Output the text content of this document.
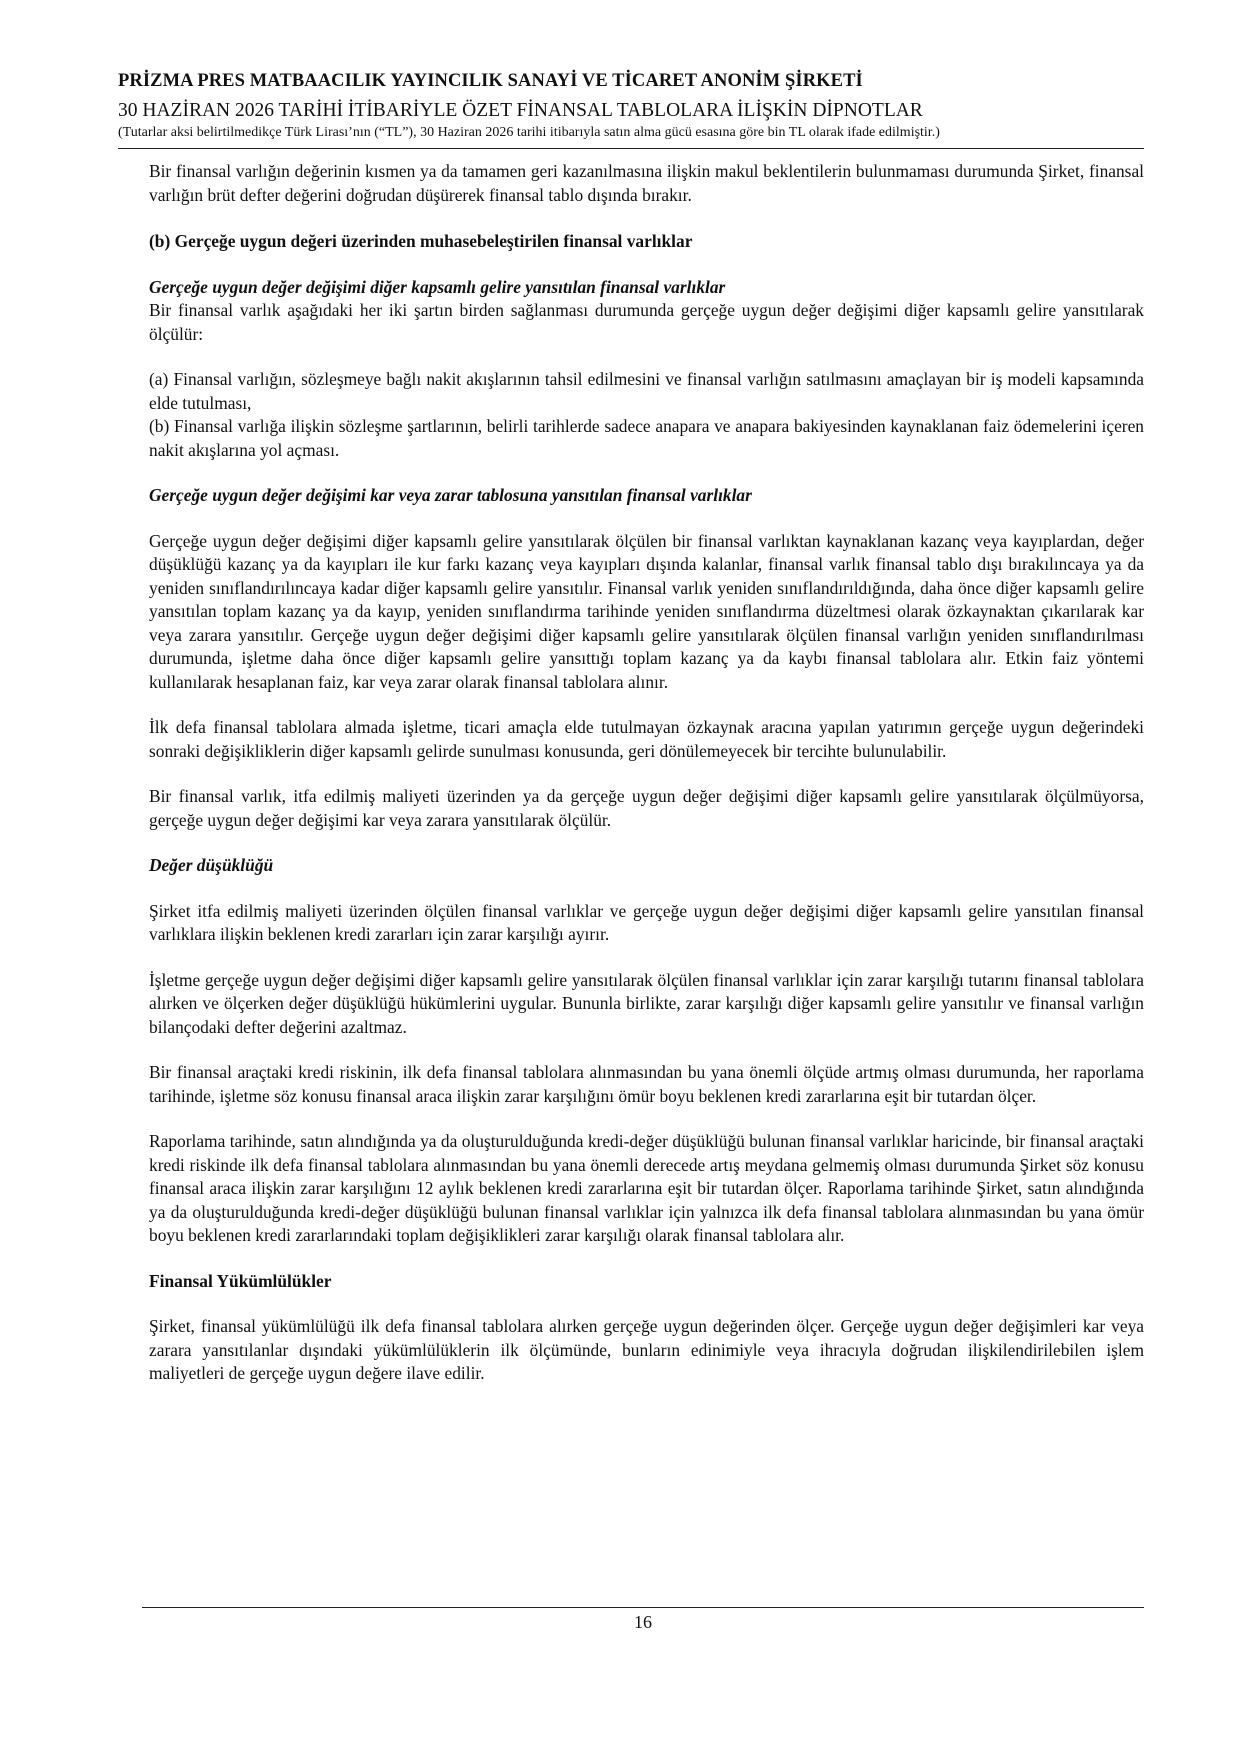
PRİZMA PRES MATBAACILIK YAYINCILIK SANAYİ VE TİCARET ANONİM ŞİRKETİ
30 HAZİRAN 2026 TARİHİ İTİBARİYLE ÖZET FİNANSAL TABLOLARA İLİŞKİN DİPNOTLAR
(Tutarlar aksi belirtilmedikçe Türk Lirası’nın (“TL”), 30 Haziran 2026 tarihi itibarıyla satın alma gücü esasına göre bin TL olarak ifade edilmiştir.)

Bir finansal varlığın değerinin kısmen ya da tamamen geri kazanılmasına ilişkin makul beklentilerin bulunmaması durumunda Şirket, finansal varlığın brüt defter değerini doğrudan düşürerek finansal tablo dışında bırakır.

(b) Gerçeğe uygun değeri üzerinden muhasebeleştirilen finansal varlıklar

Gerçeğe uygun değer değişimi diğer kapsamlı gelire yansıtılan finansal varlıklar

Bir finansal varlık aşağıdaki her iki şartın birden sağlanması durumunda gerçeğe uygun değer değişimi diğer kapsamlı gelire yansıtılarak ölçülür:

(a) Finansal varlığın, sözleşmeye bağlı nakit akışlarının tahsil edilmesini ve finansal varlığın satılmasını amaçlayan bir iş modeli kapsamında elde tutulması,

(b) Finansal varlığa ilişkin sözleşme şartlarının, belirli tarihlerde sadece anapara ve anapara bakiyesinden kaynaklanan faiz ödemelerini içeren nakit akışlarına yol açması.

Gerçeğe uygun değer değişimi kar veya zarar tablosuna yansıtılan finansal varlıklar

Gerçeğe uygun değer değişimi diğer kapsamlı gelire yansıtılarak ölçülen bir finansal varlıktan kaynaklanan kazanç veya kayıplardan, değer düşüklüğü kazanç ya da kayıpları ile kur farkı kazanç veya kayıpları dışında kalanlar, finansal varlık finansal tablo dışı bırakılıncaya ya da yeniden sınıflandırılıncaya kadar diğer kapsamlı gelire yansıtılır. Finansal varlık yeniden sınıflandırıldığında, daha önce diğer kapsamlı gelire yansıtılan toplam kazanç ya da kayıp, yeniden sınıflandırma tarihinde yeniden sınıflandırma düzeltmesi olarak özkaynaktan çıkarılarak kar veya zarara yansıtılır. Gerçeğe uygun değer değişimi diğer kapsamlı gelire yansıtılarak ölçülen finansal varlığın yeniden sınıflandırılması durumunda, işletme daha önce diğer kapsamlı gelire yansıttığı toplam kazanç ya da kaybı finansal tablolara alır. Etkin faiz yöntemi kullanılarak hesaplanan faiz, kar veya zarar olarak finansal tablolara alınır.

İlk defa finansal tablolara almada işletme, ticari amaçla elde tutulmayan özkaynak aracına yapılan yatırımın gerçeğe uygun değerindeki sonraki değişikliklerin diğer kapsamlı gelirde sunulması konusunda, geri dönülemeyecek bir tercihte bulunulabilir.

Bir finansal varlık, itfa edilmiş maliyeti üzerinden ya da gerçeğe uygun değer değişimi diğer kapsamlı gelire yansıtılarak ölçülmüyorsa, gerçeğe uygun değer değişimi kar veya zarara yansıtılarak ölçülür.

Değer düşüklüğü

Şirket itfa edilmiş maliyeti üzerinden ölçülen finansal varlıklar ve gerçeğe uygun değer değişimi diğer kapsamlı gelire yansıtılan finansal varlıklara ilişkin beklenen kredi zararları için zarar karşılığı ayırır.

İşletme gerçeğe uygun değer değişimi diğer kapsamlı gelire yansıtılarak ölçülen finansal varlıklar için zarar karşılığı tutarını finansal tablolara alırken ve ölçerken değer düşüklüğü hükümlerini uygular. Bununla birlikte, zarar karşılığı diğer kapsamlı gelire yansıtılır ve finansal varlığın bilançodaki defter değerini azaltmaz.

Bir finansal araçtaki kredi riskinin, ilk defa finansal tablolara alınmasından bu yana önemli ölçüde artmış olması durumunda, her raporlama tarihinde, işletme söz konusu finansal araca ilişkin zarar karşılığını ömür boyu beklenen kredi zararlarına eşit bir tutardan ölçer.

Raporlama tarihinde, satın alındığında ya da oluşturulduğunda kredi-değer düşüklüğü bulunan finansal varlıklar haricinde, bir finansal araçtaki kredi riskinde ilk defa finansal tablolara alınmasından bu yana önemli derecede artış meydana gelmemiş olması durumunda Şirket söz konusu finansal araca ilişkin zarar karşılığını 12 aylık beklenen kredi zararlarına eşit bir tutardan ölçer. Raporlama tarihinde Şirket, satın alındığında ya da oluşturulduğunda kredi-değer düşüklüğü bulunan finansal varlıklar için yalnızca ilk defa finansal tablolara alınmasından bu yana ömür boyu beklenen kredi zararlarındaki toplam değişiklikleri zarar karşılığı olarak finansal tablolara alır.

Finansal Yükümlülükler

Şirket, finansal yükümlülüğü ilk defa finansal tablolara alırken gerçeğe uygun değerinden ölçer. Gerçeğe uygun değer değişimleri kar veya zarara yansıtılanlar dışındaki yükümlülüklerin ilk ölçümünde, bunların edinimiyle veya ihracıyla doğrudan ilişkilendirilebilen işlem maliyetleri de gerçeğe uygun değere ilave edilir.

16
